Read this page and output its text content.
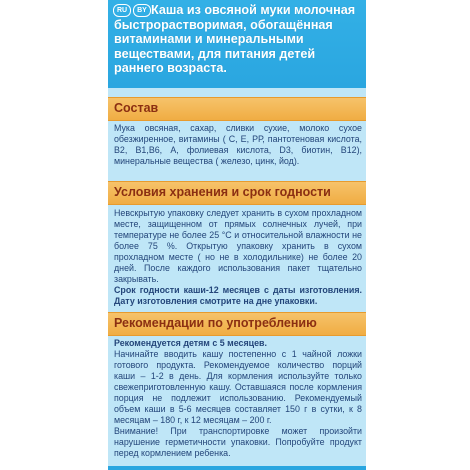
RU	BY Каша из овсяной муки молочная быстрорастворимая, обогащённая витаминами и минеральными веществами, для питания детей раннего возраста.
Состав

Мука овсяная, сахар, сливки сухие, молоко сухое обезжиренное, витамины ( С, Е, РР, пантотеновая кислота, В2, В1,В6, А, фолиевая кислота, D3, биотин, В12), минеральные вещества ( железо, цинк, йод).

Условия хранения и срок годности

Невскрытую упаковку следует хранить в сухом прохладном месте, защищенном от прямых солнечных лучей, при температуре не более 25 °С и относительной влажности не более 75 %. Открытую упаковку хранить в сухом прохладном месте ( но не в холодильнике) не более 20 дней. После каждого использования пакет тщательно закрывать.

Срок годности каши-12 месяцев с даты изготовления. Дату изготовления смотрите на дне упаковки.

Рекомендации по употреблению

Рекомендуется детям с 5 месяцев.

Начинайте вводить кашу постепенно с 1 чайной ложки готового продукта. Рекомендуемое количество порций каши – 1-2 в день. Для кормления используйте только свежеприготовленную кашу. Оставшаяся после кормления порция не подлежит использованию. Рекомендуемый объем каши в 5-6 месяцев составляет 150 г в сутки, к 8 месяцам – 180 г, к 12 месяцам – 200 г.

Внимание! При транспортировке может произойти нарушение герметичности упаковки. Попробуйте продукт перед кормлением ребенка.
